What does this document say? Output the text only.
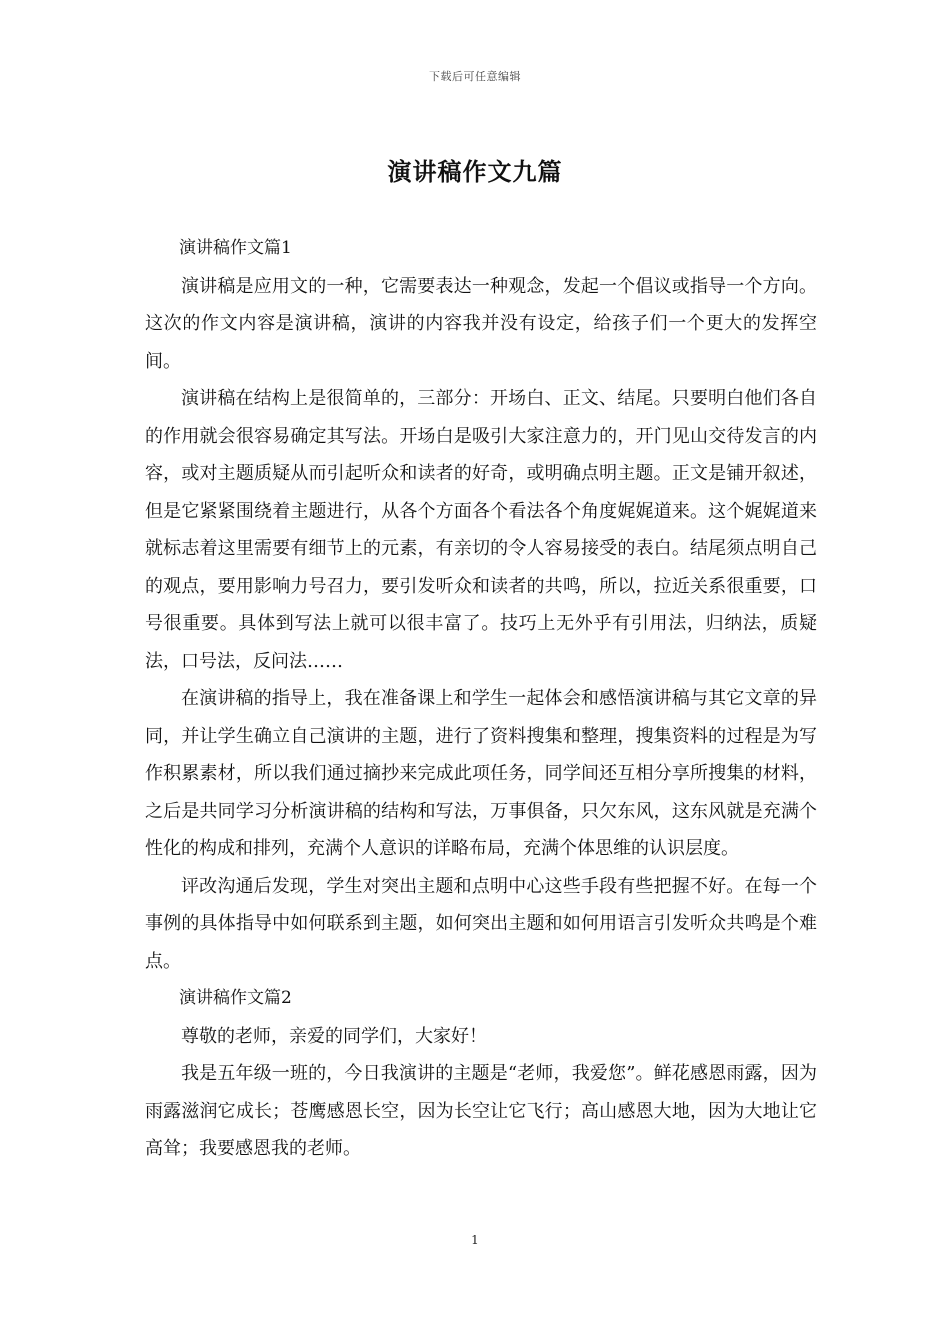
下载后可任意编辑
演讲稿作文九篇

演讲稿作文篇1

演讲稿是应用文的一种，它需要表达一种观念，发起一个倡议或指导一个方向。这次的作文内容是演讲稿，演讲的内容我并没有设定，给孩子们一个更大的发挥空间。

演讲稿在结构上是很简单的，三部分：开场白、正文、结尾。只要明白他们各自的作用就会很容易确定其写法。开场白是吸引大家注意力的，开门见山交待发言的内容，或对主题质疑从而引起听众和读者的好奇，或明确点明主题。正文是铺开叙述，但是它紧紧围绕着主题进行，从各个方面各个看法各个角度娓娓道来。这个娓娓道来就标志着这里需要有细节上的元素，有亲切的令人容易接受的表白。结尾须点明自己的观点，要用影响力号召力，要引发听众和读者的共鸣，所以，拉近关系很重要，口号很重要。具体到写法上就可以很丰富了。技巧上无外乎有引用法，归纳法，质疑法，口号法，反问法……

在演讲稿的指导上，我在准备课上和学生一起体会和感悟演讲稿与其它文章的异同，并让学生确立自己演讲的主题，进行了资料搜集和整理，搜集资料的过程是为写作积累素材，所以我们通过摘抄来完成此项任务，同学间还互相分享所搜集的材料，之后是共同学习分析演讲稿的结构和写法，万事俱备，只欠东风，这东风就是充满个性化的构成和排列，充满个人意识的详略布局，充满个体思维的认识层度。

评改沟通后发现，学生对突出主题和点明中心这些手段有些把握不好。在每一个事例的具体指导中如何联系到主题，如何突出主题和如何用语言引发听众共鸣是个难点。

演讲稿作文篇2

尊敬的老师，亲爱的同学们，大家好！

我是五年级一班的，今日我演讲的主题是“老师，我爱您”。鲜花感恩雨露，因为雨露滋润它成长；苍鹰感恩长空，因为长空让它飞行；高山感恩大地，因为大地让它高耸；我要感恩我的老师。

1
